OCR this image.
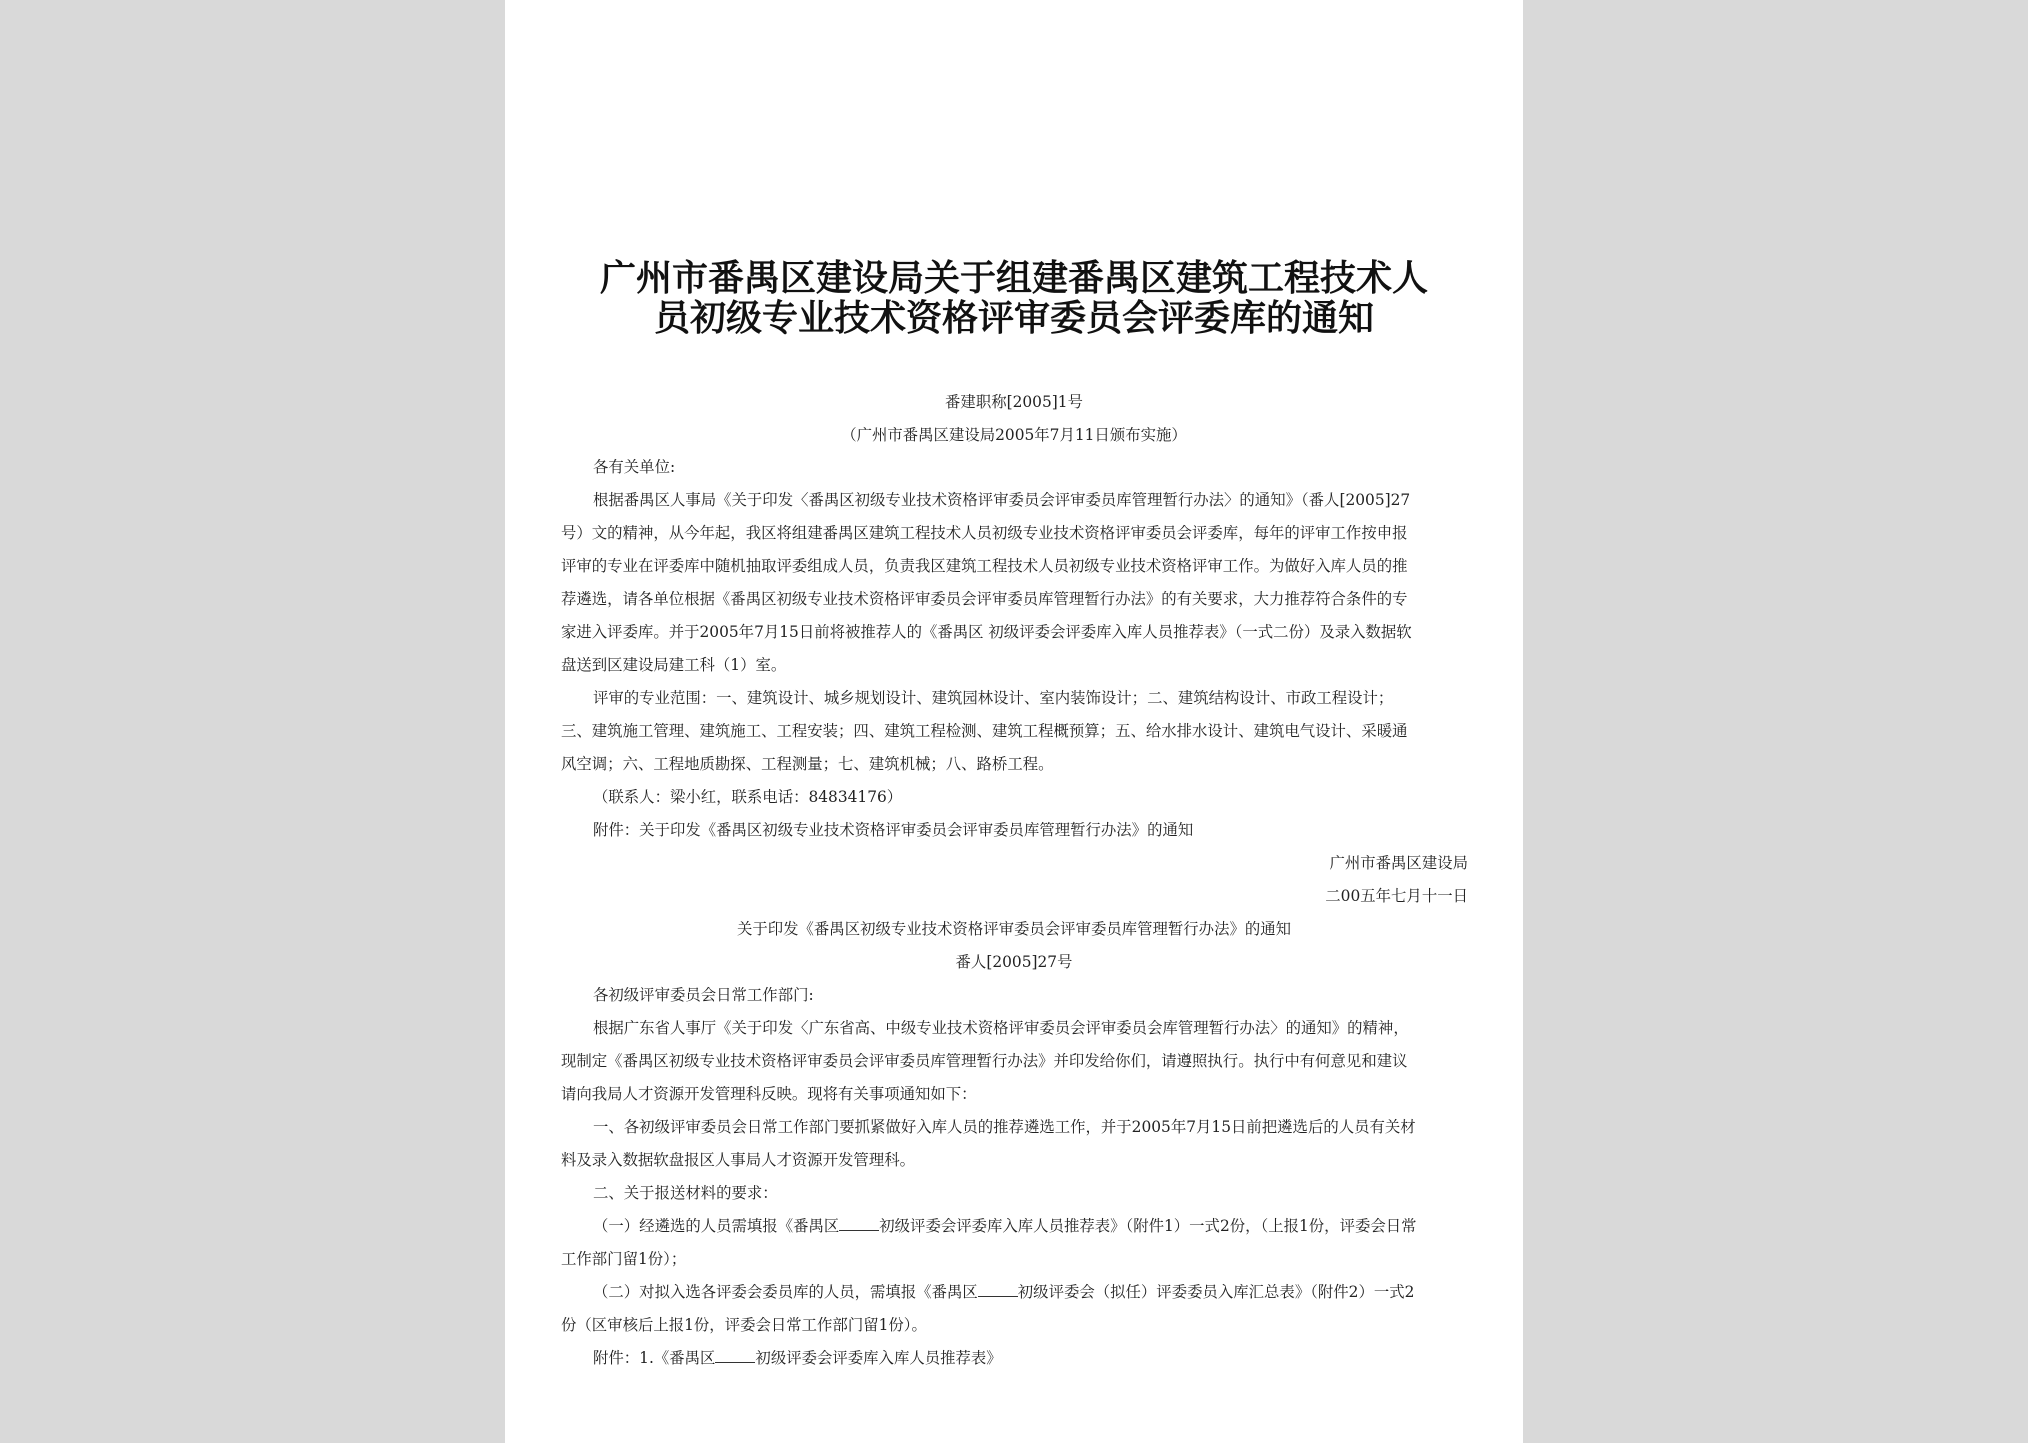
广州市番禺区建设局关于组建番禺区建筑工程技术人
员初级专业技术资格评审委员会评委库的通知
番建职称[2005]1号
（广州市番禺区建设局2005年7月11日颁布实施）
各有关单位:
根据番禺区人事局《关于印发〈番禺区初级专业技术资格评审委员会评审委员库管理暂行办法〉的通知》（番人[2005]27
号）文的精神，从今年起，我区将组建番禺区建筑工程技术人员初级专业技术资格评审委员会评委库，每年的评审工作按申报
评审的专业在评委库中随机抽取评委组成人员，负责我区建筑工程技术人员初级专业技术资格评审工作。为做好入库人员的推
荐遴选，请各单位根据《番禺区初级专业技术资格评审委员会评审委员库管理暂行办法》的有关要求，大力推荐符合条件的专
家进入评委库。并于2005年7月15日前将被推荐人的《番禺区 初级评委会评委库入库人员推荐表》（一式二份）及录入数据软
盘送到区建设局建工科（1）室。
评审的专业范围：一、建筑设计、城乡规划设计、建筑园林设计、室内装饰设计；二、建筑结构设计、市政工程设计；
三、建筑施工管理、建筑施工、工程安装；四、建筑工程检测、建筑工程概预算；五、给水排水设计、建筑电气设计、采暖通
风空调；六、工程地质勘探、工程测量；七、建筑机械；八、路桥工程。
（联系人：梁小红，联系电话：84834176）
附件：关于印发《番禺区初级专业技术资格评审委员会评审委员库管理暂行办法》的通知
广州市番禺区建设局
二00五年七月十一日
关于印发《番禺区初级专业技术资格评审委员会评审委员库管理暂行办法》的通知
番人[2005]27号
各初级评审委员会日常工作部门:
根据广东省人事厅《关于印发〈广东省高、中级专业技术资格评审委员会评审委员会库管理暂行办法〉的通知》的精神，
现制定《番禺区初级专业技术资格评审委员会评审委员库管理暂行办法》并印发给你们，请遵照执行。执行中有何意见和建议
请向我局人才资源开发管理科反映。现将有关事项通知如下：
一、各初级评审委员会日常工作部门要抓紧做好入库人员的推荐遴选工作，并于2005年7月15日前把遴选后的人员有关材
料及录入数据软盘报区人事局人才资源开发管理科。
二、关于报送材料的要求：
（一）经遴选的人员需填报《番禺区	初级评委会评委库入库人员推荐表》（附件1）一式2份，（上报1份，评委会日常
工作部门留1份）；
（二）对拟入选各评委会委员库的人员，需填报《番禺区	初级评委会（拟任）评委委员入库汇总表》（附件2）一式2
份（区审核后上报1份，评委会日常工作部门留1份）。
附件：1.《番禺区	初级评委会评委库入库人员推荐表》
